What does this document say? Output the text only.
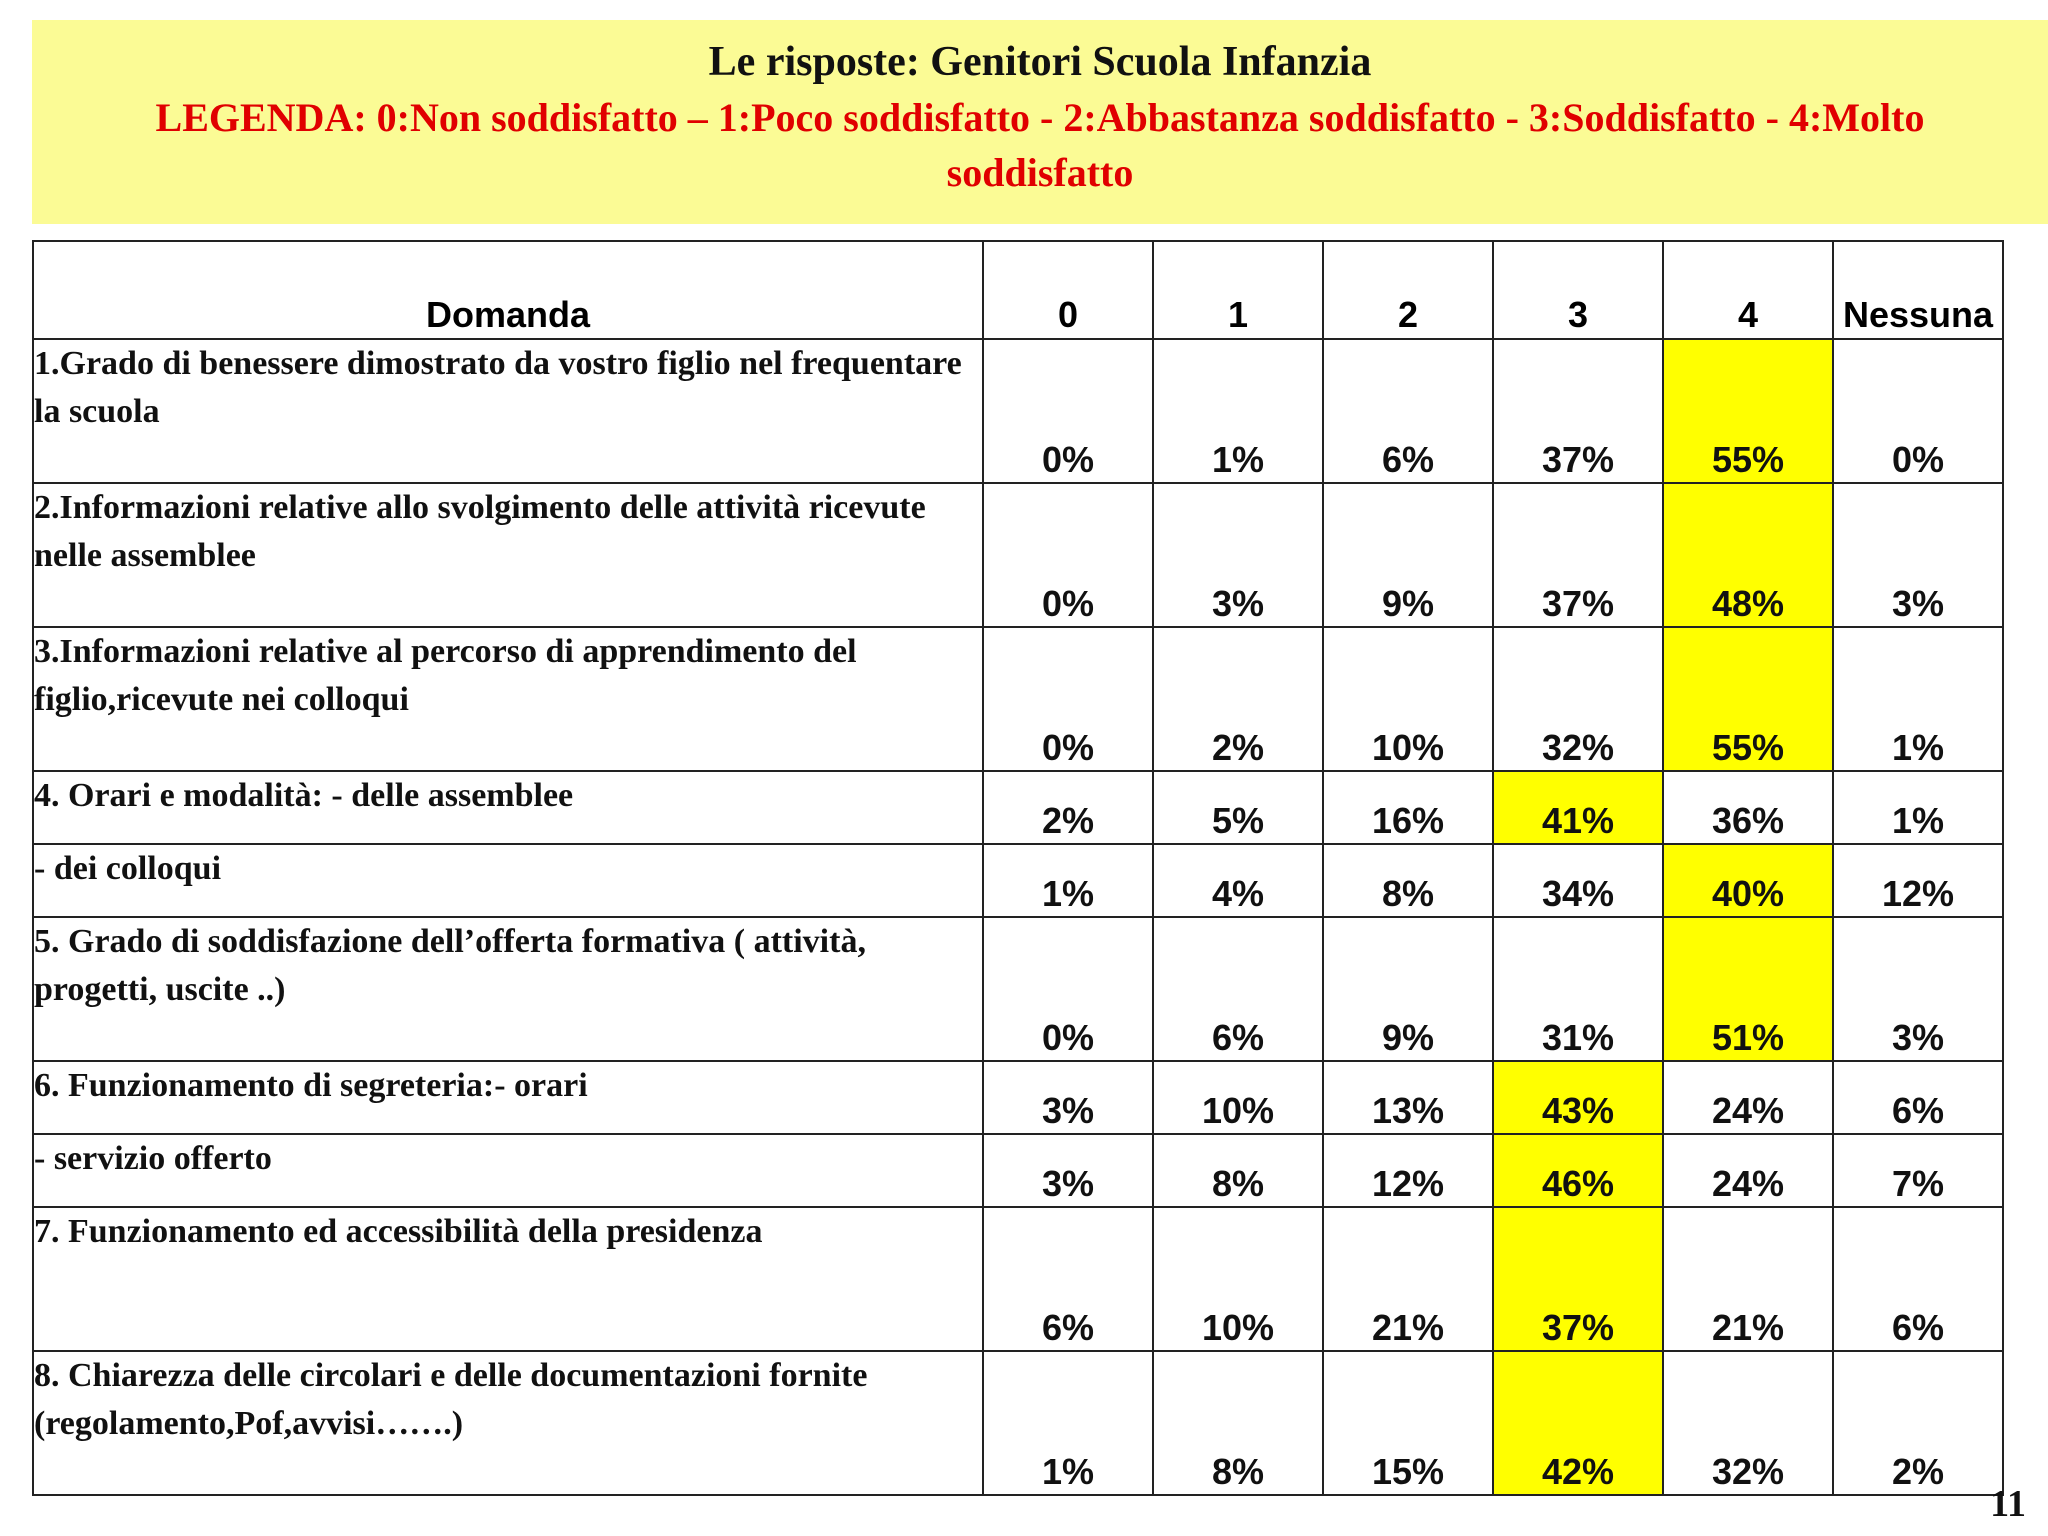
Le risposte: Genitori Scuola Infanzia
LEGENDA: 0:Non soddisfatto – 1:Poco soddisfatto - 2:Abbastanza soddisfatto - 3:Soddisfatto - 4:Molto soddisfatto
Domanda	0	1	2	3	4	Nessuna
1.Grado di benessere dimostrato da vostro figlio nel frequentare la scuola	0%	1%	6%	37%	55%	0%
2.Informazioni relative allo svolgimento delle attività ricevute nelle assemblee	0%	3%	9%	37%	48%	3%
3.Informazioni relative al percorso di apprendimento del figlio,ricevute nei colloqui	0%	2%	10%	32%	55%	1%
4. Orari e modalità: - delle assemblee	2%	5%	16%	41%	36%	1%
- dei colloqui	1%	4%	8%	34%	40%	12%
5. Grado di soddisfazione dell’offerta formativa ( attività, progetti, uscite ..)	0%	6%	9%	31%	51%	3%
6. Funzionamento di segreteria:- orari	3%	10%	13%	43%	24%	6%
- servizio offerto	3%	8%	12%	46%	24%	7%
7. Funzionamento ed accessibilità della presidenza	6%	10%	21%	37%	21%	6%
8. Chiarezza delle circolari e delle documentazioni fornite (regolamento,Pof,avvisi…….)	1%	8%	15%	42%	32%	2%
11
